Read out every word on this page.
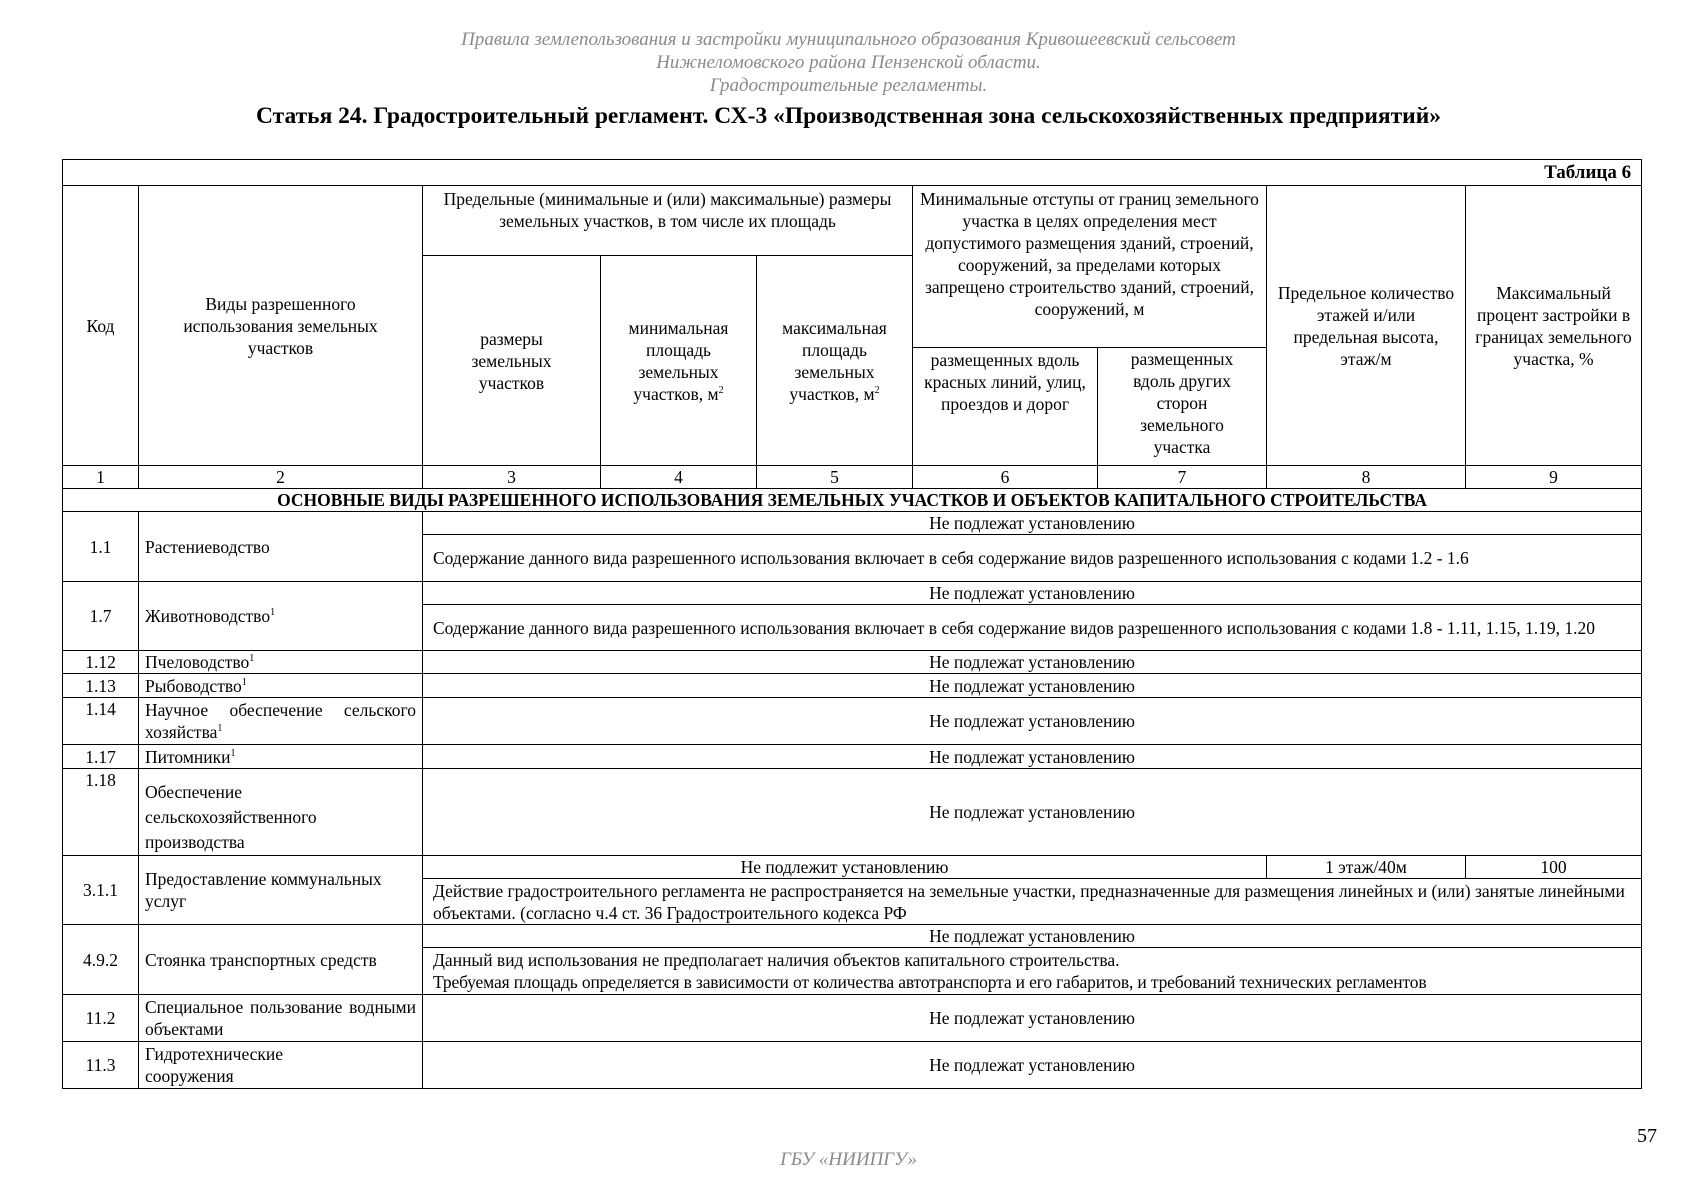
Правила землепользования и застройки муниципального образования Кривошеевский сельсовет
Нижнеломовского района Пензенской области.
Градостроительные регламенты.
Статья 24. Градостроительный регламент. СХ-3 «Производственная зона сельскохозяйственных предприятий»
Таблица 6								
Код	Виды разрешенного использования земельных участков	Предельные (минимальные и (или) максимальные) размеры земельных участков, в том числе их площадь			Минимальные отступы от границ земельного участка в целях определения мест допустимого размещения зданий, строений, сооружений, за пределами которых запрещено строительство зданий, строений, сооружений, м		Предельное количество этажей и/или предельная высота, этаж/м	Максимальный процент застройки в границах земельного участка, %
		размеры земельных участков	минимальная площадь земельных участков, $м^2$	максимальная площадь земельных участков, $м^2$
					размещенных вдоль красных линий, улиц, проездов и дорог	размещенных вдоль других сторон земельного участка		
1	2	3	4	5	6	7	8	9
ОСНОВНЫЕ ВИДЫ РАЗРЕШЕННОГО ИСПОЛЬЗОВАНИЯ ЗЕМЕЛЬНЫХ УЧАСТКОВ И ОБЪЕКТОВ КАПИТАЛЬНОГО СТРОИТЕЛЬСТВА								
1.1	Растениеводство	Не подлежат установлению						
		Содержание данного вида разрешенного использования включает в себя содержание видов разрешенного использования с кодами 1.2 - 1.6						
1.7	Животноводство$^1$	Не подлежат установлению						
		Содержание данного вида разрешенного использования включает в себя содержание видов разрешенного использования с кодами 1.8 - 1.11, 1.15, 1.19, 1.20						
1.12	Пчеловодство$^1$	Не подлежат установлению						
1.13	Рыбоводство$^1$	Не подлежат установлению						
1.14	Научное обеспечение сельского хозяйства$^1$	Не подлежат установлению						
1.17	Питомники$^1$	Не подлежат установлению						
1.18	Обеспечение сельскохозяйственного производства	Не подлежат установлению						
3.1.1	Предоставление коммунальных услуг	Не подлежит установлению					1 этаж/40м	100
		Действие градостроительного регламента не распространяется на земельные участки, предназначенные для размещения линейных и (или) занятые линейными объектами. (согласно ч.4 ст. 36 Градостроительного кодекса РФ						
4.9.2	Стоянка транспортных средств	Не подлежат установлению						

		Данный вид использования не предполагает наличия объектов капитального строительства.
Требуемая площадь определяется в зависимости от количества автотранспорта и его габаритов, и требований технических регламентов						

11.2	Специальное пользование водными объектами	Не подлежат установлению						
11.3	Гидротехнические сооружения	Не подлежат установлению						
57
ГБУ «НИИПГУ»
